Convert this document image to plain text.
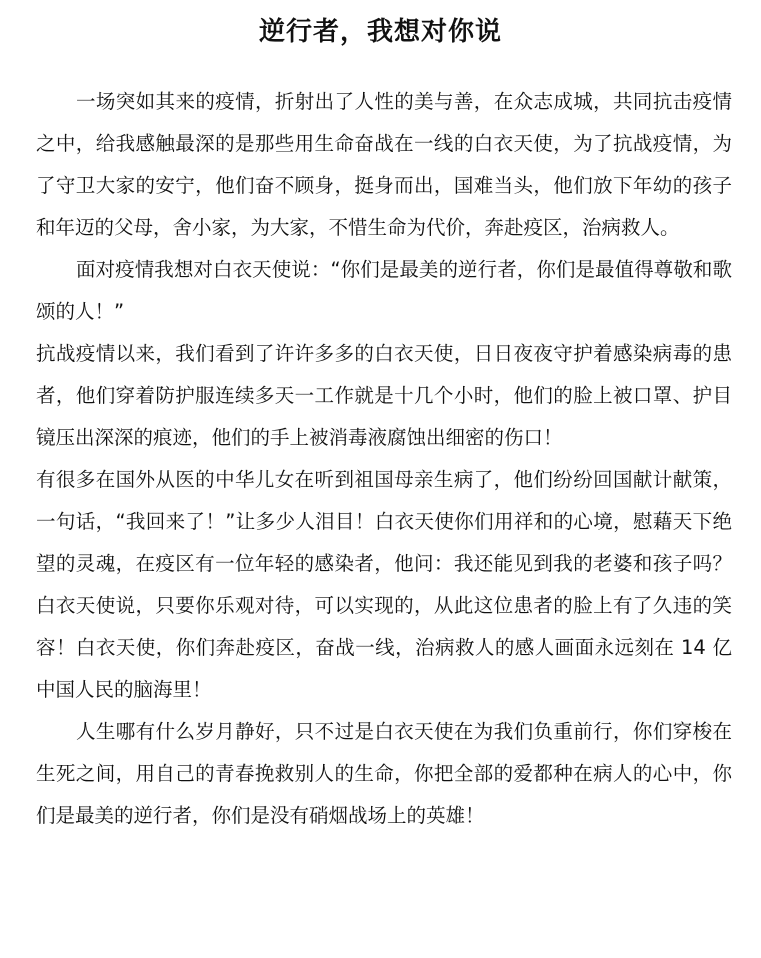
逆行者，我想对你说

一场突如其来的疫情，折射出了人性的美与善，在众志成城，共同抗击疫情之中，给我感触最深的是那些用生命奋战在一线的白衣天使，为了抗战疫情，为了守卫大家的安宁，他们奋不顾身，挺身而出，国难当头，他们放下年幼的孩子和年迈的父母，舍小家，为大家，不惜生命为代价，奔赴疫区，治病救人。

面对疫情我想对白衣天使说：“你们是最美的逆行者，你们是最值得尊敬和歌颂的人！”

抗战疫情以来，我们看到了许许多多的白衣天使，日日夜夜守护着感染病毒的患者，他们穿着防护服连续多天一工作就是十几个小时，他们的脸上被口罩、护目镜压出深深的痕迹，他们的手上被消毒液腐蚀出细密的伤口！

有很多在国外从医的中华儿女在听到祖国母亲生病了，他们纷纷回国献计献策，一句话，“我回来了！”让多少人泪目！白衣天使你们用祥和的心境，慰藉天下绝望的灵魂，在疫区有一位年轻的感染者，他问：我还能见到我的老婆和孩子吗？白衣天使说，只要你乐观对待，可以实现的，从此这位患者的脸上有了久违的笑容！白衣天使，你们奔赴疫区，奋战一线，治病救人的感人画面永远刻在 14 亿中国人民的脑海里！

人生哪有什么岁月静好，只不过是白衣天使在为我们负重前行，你们穿梭在生死之间，用自己的青春挽救别人的生命，你把全部的爱都种在病人的心中，你们是最美的逆行者，你们是没有硝烟战场上的英雄！
